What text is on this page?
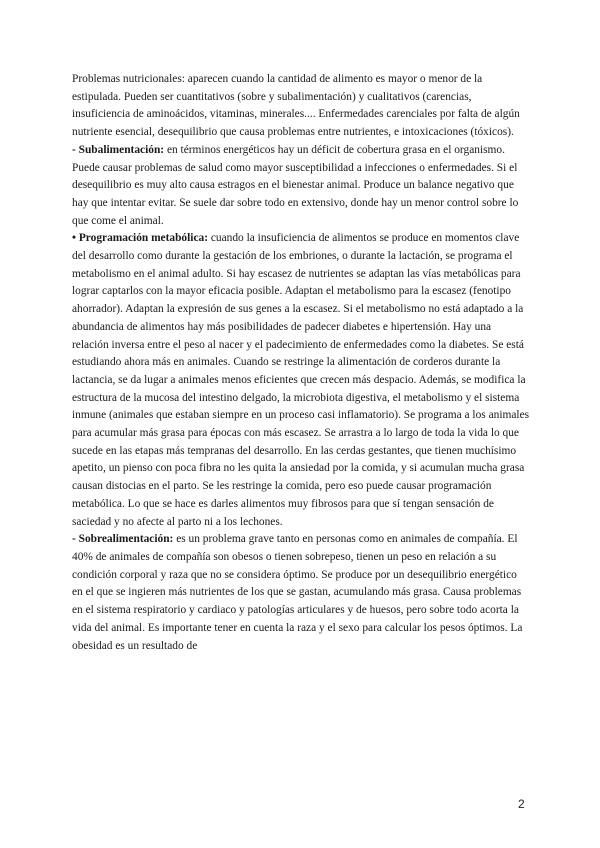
Problemas nutricionales: aparecen cuando la cantidad de alimento es mayor o menor de la estipulada. Pueden ser cuantitativos (sobre y subalimentación) y cualitativos (carencias, insuficiencia de aminoácidos, vitaminas, minerales.... Enfermedades carenciales por falta de algún nutriente esencial, desequilibrio que causa problemas entre nutrientes, e intoxicaciones (tóxicos).

- Subalimentación: en términos energéticos hay un déficit de cobertura grasa en el organismo. Puede causar problemas de salud como mayor susceptibilidad a infecciones o enfermedades. Si el desequilibrio es muy alto causa estragos en el bienestar animal. Produce un balance negativo que hay que intentar evitar. Se suele dar sobre todo en extensivo, donde hay un menor control sobre lo que come el animal.

• Programación metabólica: cuando la insuficiencia de alimentos se produce en momentos clave del desarrollo como durante la gestación de los embriones, o durante la lactación, se programa el metabolismo en el animal adulto. Si hay escasez de nutrientes se adaptan las vías metabólicas para lograr captarlos con la mayor eficacia posible. Adaptan el metabolismo para la escasez (fenotipo ahorrador). Adaptan la expresión de sus genes a la escasez. Si el metabolismo no está adaptado a la abundancia de alimentos hay más posibilidades de padecer diabetes e hipertensión. Hay una relación inversa entre el peso al nacer y el padecimiento de enfermedades como la diabetes. Se está estudiando ahora más en animales. Cuando se restringe la alimentación de corderos durante la lactancia, se da lugar a animales menos eficientes que crecen más despacio. Además, se modifica la estructura de la mucosa del intestino delgado, la microbiota digestiva, el metabolismo y el sistema inmune (animales que estaban siempre en un proceso casi inflamatorio). Se programa a los animales para acumular más grasa para épocas con más escasez. Se arrastra a lo largo de toda la vida lo que sucede en las etapas más tempranas del desarrollo. En las cerdas gestantes, que tienen muchísimo apetito, un pienso con poca fibra no les quita la ansiedad por la comida, y si acumulan mucha grasa causan distocias en el parto. Se les restringe la comida, pero eso puede causar programación metabólica. Lo que se hace es darles alimentos muy fibrosos para que sí tengan sensación de saciedad y no afecte al parto ni a los lechones.

- Sobrealimentación: es un problema grave tanto en personas como en animales de compañía. El 40% de animales de compañía son obesos o tienen sobrepeso, tienen un peso en relación a su condición corporal y raza que no se considera óptimo. Se produce por un desequilibrio energético en el que se ingieren más nutrientes de los que se gastan, acumulando más grasa. Causa problemas en el sistema respiratorio y cardiaco y patologías articulares y de huesos, pero sobre todo acorta la vida del animal. Es importante tener en cuenta la raza y el sexo para calcular los pesos óptimos. La obesidad es un resultado de

2
